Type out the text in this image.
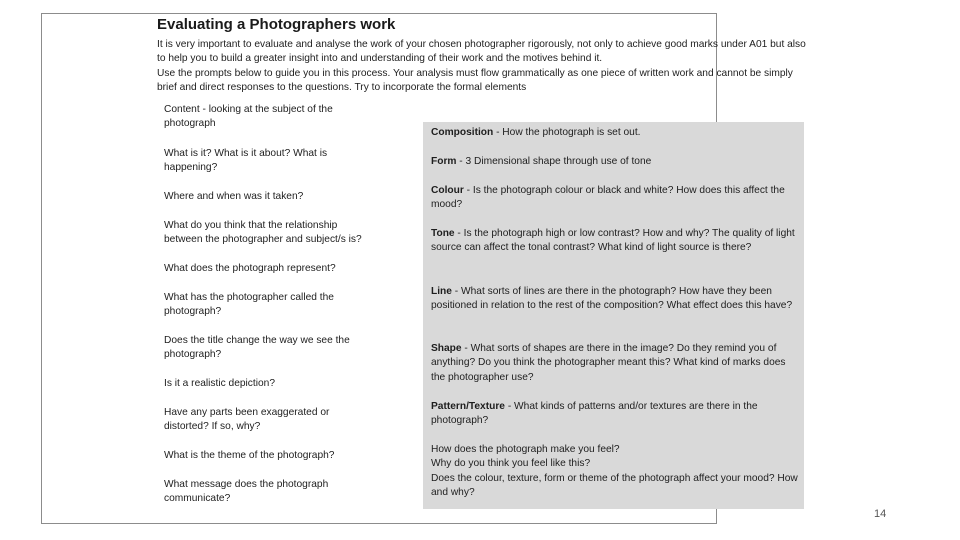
Evaluating a Photographers work

It is very important to evaluate and analyse the work of your chosen photographer rigorously, not only to achieve good marks under A01 but also to help you to build a greater insight into and understanding of their work and the motives behind it.

Use the prompts below to guide you in this process. Your analysis must flow grammatically as one piece of written work and cannot be simply brief and direct responses to the questions. Try to incorporate the formal elements

Content - looking at the subject of the photograph
What is it? What is it about? What is happening?
Where and when was it taken?
What do you think that the relationship between the photographer and subject/s is?
What does the photograph represent?
What has the photographer called the photograph?
Does the title change the way we see the photograph?
Is it a realistic depiction?
Have any parts been exaggerated or distorted? If so, why?
What is the theme of the photograph?
What message does the photograph communicate?
Composition - How the photograph is set out.
Form - 3 Dimensional shape through use of tone
Colour - Is the photograph colour or black and white? How does this affect the mood?
Tone - Is the photograph high or low contrast? How and why? The quality of light source can affect the tonal contrast? What kind of light source is there?
Line - What sorts of lines are there in the photograph? How have they been positioned in relation to the rest of the composition? What effect does this have?
Shape - What sorts of shapes are there in the image? Do they remind you of anything? Do you think the photographer meant this? What kind of marks does the photographer use?
Pattern/Texture - What kinds of patterns and/or textures are there in the photograph?
How does the photograph make you feel?
Why do you think you feel like this?
Does the colour, texture, form or theme of the photograph affect your mood? How and why?
14
